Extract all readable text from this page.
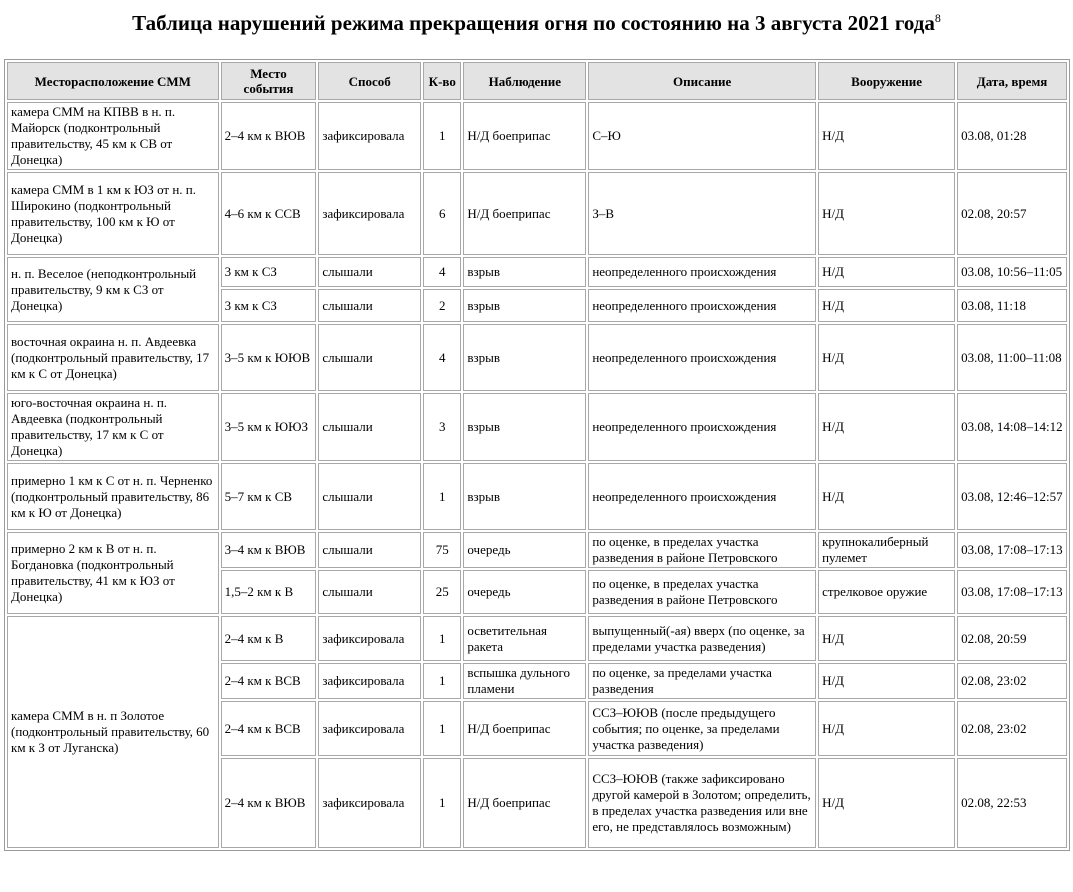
Таблица нарушений режима прекращения огня по состоянию на 3 августа 2021 года$^8$
Месторасположение СММ	Место события	Способ	К-во	Наблюдение	Описание	Вооружение	Дата, время
камера СММ на КПВВ в н. п. Майорск (подконтрольный правительству, 45 км к СВ от Донецка)	2–4 км к ВЮВ	зафиксировала	1	Н/Д боеприпас	С–Ю	Н/Д	03.08, 01:28
камера СММ в 1 км к ЮЗ от н. п. Широкино (подконтрольный правительству, 100 км к Ю от Донецка)	4–6 км к ССВ	зафиксировала	6	Н/Д боеприпас	З–В	Н/Д	02.08, 20:57
н. п. Веселое (неподконтрольный правительству, 9 км к СЗ от Донецка)	3 км к СЗ	слышали	4	взрыв	неопределенного происхождения	Н/Д	03.08, 10:56–11:05
	3 км к СЗ	слышали	2	взрыв	неопределенного происхождения	Н/Д	03.08, 11:18
восточная окраина н. п. Авдеевка (подконтрольный правительству, 17 км к С от Донецка)	3–5 км к ЮЮВ	слышали	4	взрыв	неопределенного происхождения	Н/Д	03.08, 11:00–11:08
юго-восточная окраина н. п. Авдеевка (подконтрольный правительству, 17 км к С от Донецка)	3–5 км к ЮЮЗ	слышали	3	взрыв	неопределенного происхождения	Н/Д	03.08, 14:08–14:12
примерно 1 км к С от н. п. Черненко (подконтрольный правительству, 86 км к Ю от Донецка)	5–7 км к СВ	слышали	1	взрыв	неопределенного происхождения	Н/Д	03.08, 12:46–12:57
примерно 2 км к В от н. п. Богдановка (подконтрольный правительству, 41 км к ЮЗ от Донецка)	3–4 км к ВЮВ	слышали	75	очередь	по оценке, в пределах участка разведения в районе Петровского	крупнокалиберный пулемет	03.08, 17:08–17:13
	1,5–2 км к В	слышали	25	очередь	по оценке, в пределах участка разведения в районе Петровского	стрелковое оружие	03.08, 17:08–17:13
камера СММ в н. п Золотое (подконтрольный правительству, 60 км к З от Луганска)	2–4 км к В	зафиксировала	1	осветительная ракета	выпущенный(-ая) вверх (по оценке, за пределами участка разведения)	Н/Д	02.08, 20:59
	2–4 км к ВСВ	зафиксировала	1	вспышка дульного пламени	по оценке, за пределами участка разведения	Н/Д	02.08, 23:02
	2–4 км к ВСВ	зафиксировала	1	Н/Д боеприпас	ССЗ–ЮЮВ (после предыдущего события; по оценке, за пределами участка разведения)	Н/Д	02.08, 23:02
	2–4 км к ВЮВ	зафиксировала	1	Н/Д боеприпас	ССЗ–ЮЮВ (также зафиксировано другой камерой в Золотом; определить, в пределах участка разведения или вне его, не представлялось возможным)	Н/Д	02.08, 22:53
